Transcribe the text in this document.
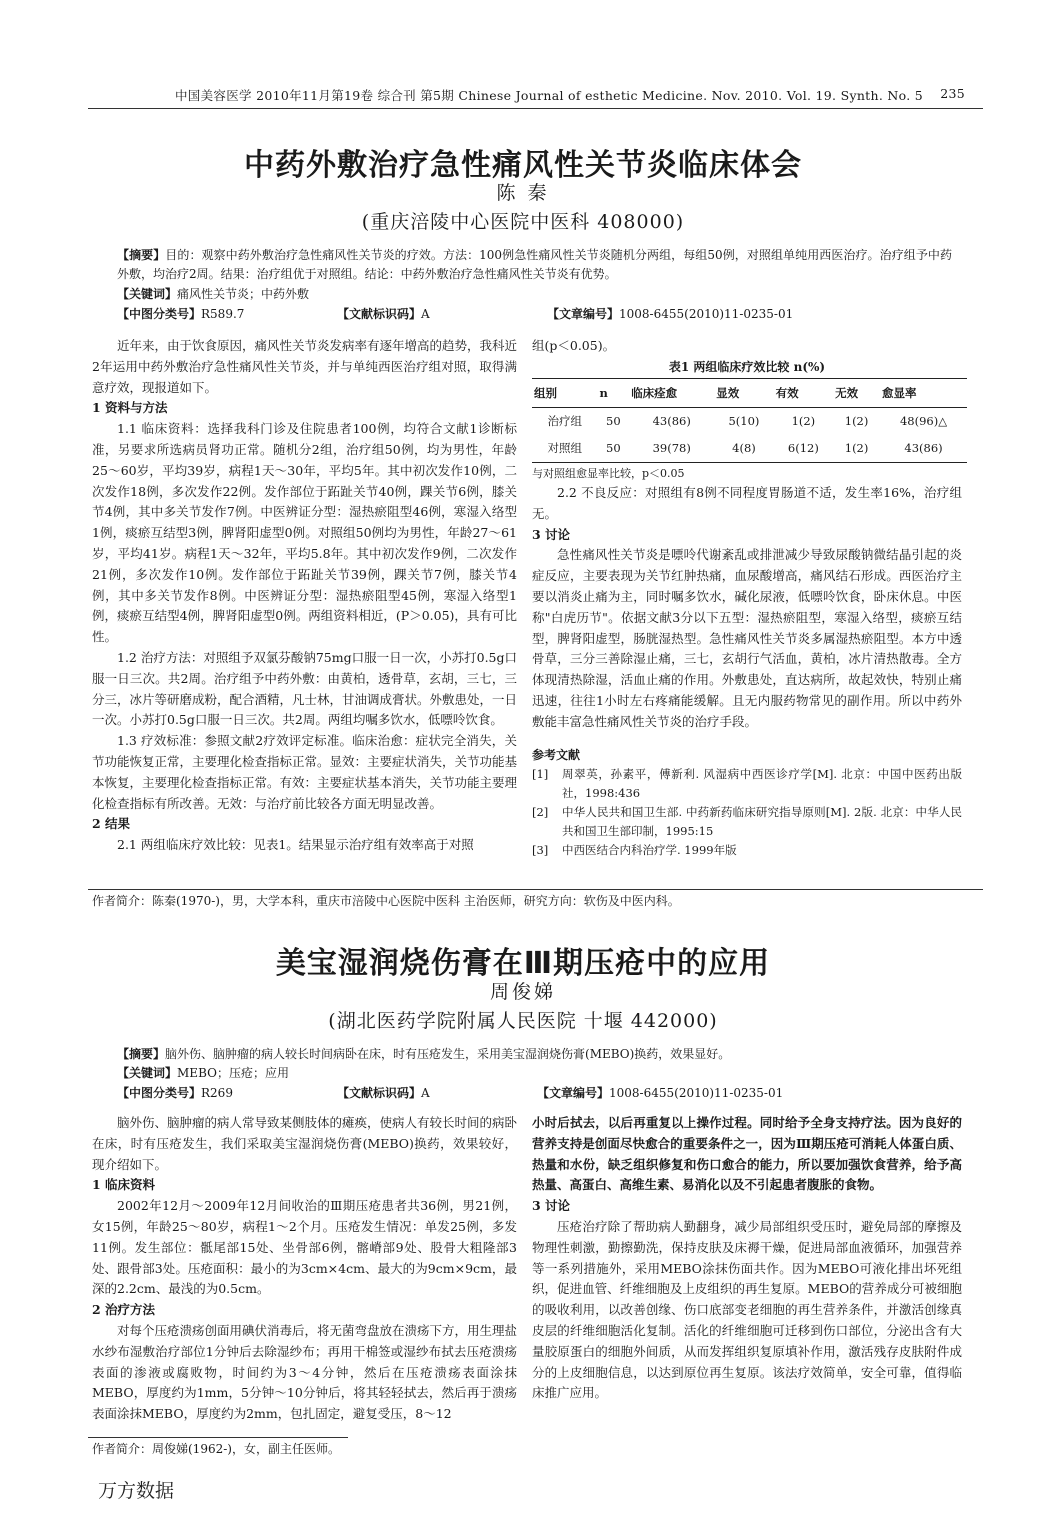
中国美容医学 2010年11月第19卷 综合刊 第5期 Chinese Journal of esthetic Medicine. Nov. 2010. Vol. 19. Synth. No. 5 235
中药外敷治疗急性痛风性关节炎临床体会
陈 秦
(重庆涪陵中心医院中医科 408000)
【摘要】目的：观察中药外敷治疗急性痛风性关节炎的疗效。方法：100例急性痛风性关节炎随机分两组，每组50例，对照组单纯用西医治疗。治疗组予中药外敷，均治疗2周。结果：治疗组优于对照组。结论：中药外敷治疗急性痛风性关节炎有优势。
【关键词】痛风性关节炎；中药外敷
【中图分类号】R589.7	【文献标识码】A	【文章编号】1008-6455(2010)11-0235-01

近年来，由于饮食原因，痛风性关节炎发病率有逐年增高的趋势，我科近2年运用中药外敷治疗急性痛风性关节炎，并与单纯西医治疗组对照，取得满意疗效，现报道如下。

1 资料与方法

1.1 临床资料：选择我科门诊及住院患者100例，均符合文献1诊断标准，另要求所选病员肾功正常。随机分2组，治疗组50例，均为男性，年龄25～60岁，平均39岁，病程1天～30年，平均5年。其中初次发作10例，二次发作18例，多次发作22例。发作部位于跖趾关节40例，踝关节6例，膝关节4例，其中多关节发作7例。中医辨证分型：湿热瘀阻型46例，寒湿入络型1例，痰瘀互结型3例，脾肾阳虚型0例。对照组50例均为男性，年龄27～61岁，平均41岁。病程1天～32年，平均5.8年。其中初次发作9例，二次发作21例，多次发作10例。发作部位于跖趾关节39例，踝关节7例，膝关节4例，其中多关节发作8例。中医辨证分型：湿热瘀阻型45例，寒湿入络型1例，痰瘀互结型4例，脾肾阳虚型0例。两组资料相近，(P＞0.05)，具有可比性。

1.2 治疗方法：对照组予双氯芬酸钠75mg口服一日一次，小苏打0.5g口服一日三次。共2周。治疗组予中药外敷：由黄柏，透骨草，玄胡，三七，三分三，冰片等研磨成粉，配合酒精，凡士林，甘油调成膏状。外敷患处，一日一次。小苏打0.5g口服一日三次。共2周。两组均嘱多饮水，低嘌呤饮食。

1.3 疗效标准：参照文献2疗效评定标准。临床治愈：症状完全消失，关节功能恢复正常，主要理化检查指标正常。显效：主要症状消失，关节功能基本恢复，主要理化检查指标正常。有效：主要症状基本消失，关节功能主要理化检查指标有所改善。无效：与治疗前比较各方面无明显改善。

2 结果

2.1 两组临床疗效比较：见表1。结果显示治疗组有效率高于对照

组(p＜0.05)。

表1 两组临床疗效比较 n(%)
组别	n	临床痊愈	显效	有效	无效	愈显率
治疗组	50	43(86)	5(10)	1(2)	1(2)	48(96)△
对照组	50	39(78)	4(8)	6(12)	1(2)	43(86)
与对照组愈显率比较，p＜0.05

2.2 不良反应：对照组有8例不同程度胃肠道不适，发生率16%，治疗组无。

3 讨论

急性痛风性关节炎是嘌呤代谢紊乱或排泄减少导致尿酸钠微结晶引起的炎症反应，主要表现为关节红肿热痛，血尿酸增高，痛风结石形成。西医治疗主要以消炎止痛为主，同时嘱多饮水，碱化尿液，低嘌呤饮食，卧床休息。中医称"白虎历节"。依据文献3分以下五型：湿热瘀阻型，寒湿入络型，痰瘀互结型，脾肾阳虚型，肠胱湿热型。急性痛风性关节炎多属湿热瘀阻型。本方中透骨草，三分三善除湿止痛，三七，玄胡行气活血，黄柏，冰片清热散毒。全方体现清热除湿，活血止痛的作用。外敷患处，直达病所，故起效快，特别止痛迅速，往往1小时左右疼痛能缓解。且无内服药物常见的副作用。所以中药外敷能丰富急性痛风性关节炎的治疗手段。

参考文献
[1]	周翠英，孙素平，傅新利. 风湿病中西医诊疗学[M]. 北京：中国中医药出版社，1998:436
[2]	中华人民共和国卫生部. 中药新药临床研究指导原则[M]. 2版. 北京：中华人民共和国卫生部印制，1995:15
[3]	中西医结合内科治疗学. 1999年版
作者简介：陈秦(1970-)，男，大学本科，重庆市涪陵中心医院中医科 主治医师，研究方向：软伤及中医内科。
美宝湿润烧伤膏在Ⅲ期压疮中的应用
周俊娣
(湖北医药学院附属人民医院 十堰 442000)
【摘要】脑外伤、脑肿瘤的病人较长时间病卧在床，时有压疮发生，采用美宝湿润烧伤膏(MEBO)换药，效果显好。
【关键词】MEBO；压疮；应用
【中图分类号】R269	【文献标识码】A	【文章编号】1008-6455(2010)11-0235-01

脑外伤、脑肿瘤的病人常导致某侧肢体的瘫痪，使病人有较长时间的病卧在床，时有压疮发生，我们采取美宝湿润烧伤膏(MEBO)换药，效果较好，现介绍如下。

1 临床资料

2002年12月～2009年12月间收治的Ⅲ期压疮患者共36例，男21例，女15例，年龄25～80岁，病程1～2个月。压疮发生情况：单发25例，多发11例。发生部位：骶尾部15处、坐骨部6例，髂嵴部9处、股骨大粗隆部3处、跟骨部3处。压疮面积：最小的为3cm×4cm、最大的为9cm×9cm，最深的2.2cm、最浅的为0.5cm。

2 治疗方法

对每个压疮溃疡创面用碘伏消毒后，将无菌弯盘放在溃疡下方，用生理盐水纱布湿敷治疗部位1分钟后去除湿纱布；再用干棉签或湿纱布拭去压疮溃疡表面的渗液或腐败物，时间约为3～4分钟，然后在压疮溃疡表面涂抹MEBO，厚度约为1mm，5分钟～10分钟后，将其轻轻拭去，然后再于溃疡表面涂抹MEBO，厚度约为2mm，包扎固定，避复受压，8～12

小时后拭去，以后再重复以上操作过程。同时给予全身支持疗法。因为良好的营养支持是创面尽快愈合的重要条件之一，因为Ⅲ期压疮可消耗人体蛋白质、热量和水份，缺乏组织修复和伤口愈合的能力，所以要加强饮食营养，给予高热量、高蛋白、高维生素、易消化以及不引起患者腹胀的食物。

3 讨论

压疮治疗除了帮助病人勤翻身，减少局部组织受压时，避免局部的摩擦及物理性刺激，勤擦勤洗，保持皮肤及床褥干燥，促进局部血液循环，加强营养等一系列措施外，采用MEBO涂抹伤面共作。因为MEBO可液化排出坏死组织，促进血管、纤维细胞及上皮组织的再生复原。MEBO的营养成分可被细胞的吸收利用，以改善创缘、伤口底部变老细胞的再生营养条件，并激活创缘真皮层的纤维细胞活化复制。活化的纤维细胞可迁移到伤口部位，分泌出含有大量胶原蛋白的细胞外间质，从而发挥组织复原填补作用，激活残存皮肤附件成分的上皮细胞信息，以达到原位再生复原。该法疗效简单，安全可靠，值得临床推广应用。

作者简介：周俊娣(1962-)，女，副主任医师。
万方数据
